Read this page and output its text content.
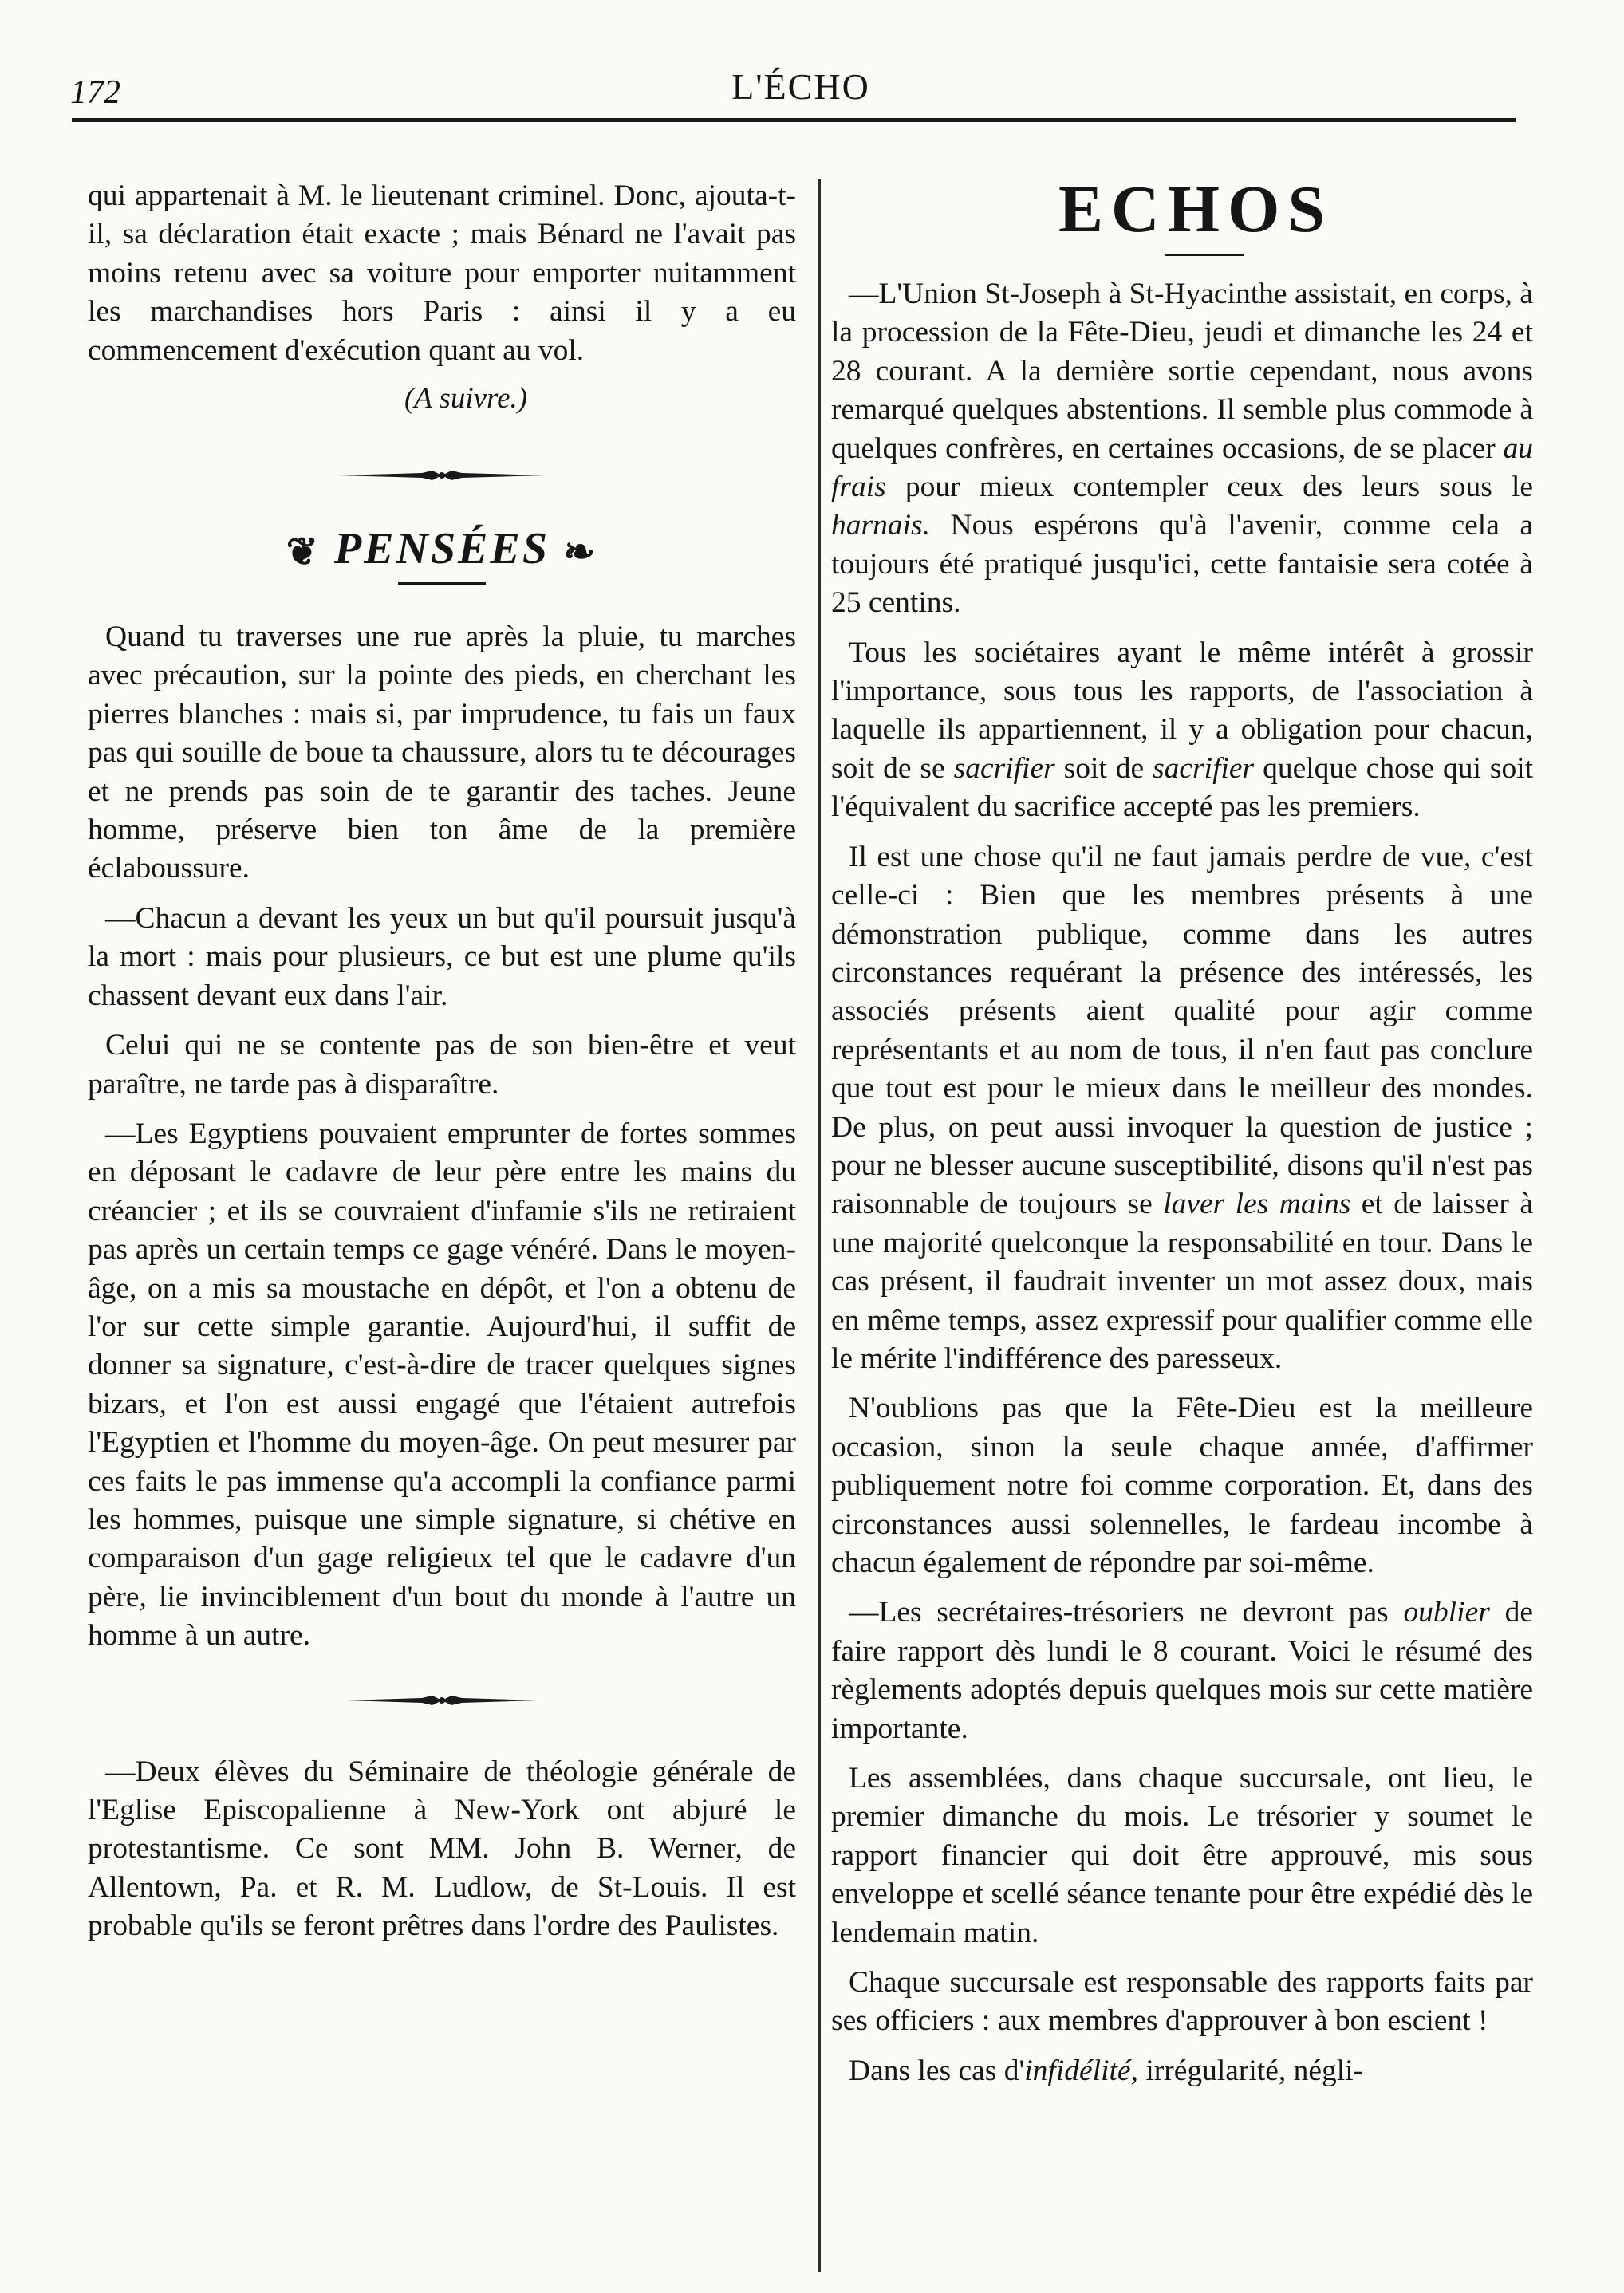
172	L'ÉCHO

qui appartenait à M. le lieutenant criminel. Donc, ajouta-t-il, sa déclaration était exacte ; mais Bénard ne l'avait pas moins retenu avec sa voiture pour emporter nuitamment les marchandises hors Paris : ainsi il y a eu commencement d'exécution quant au vol.

(A suivre.)
❦ PENSÉES ❧

Quand tu traverses une rue après la pluie, tu marches avec précaution, sur la pointe des pieds, en cherchant les pierres blanches : mais si, par imprudence, tu fais un faux pas qui souille de boue ta chaussure, alors tu te décourages et ne prends pas soin de te garantir des taches. Jeune homme, préserve bien ton âme de la première éclaboussure.

—Chacun a devant les yeux un but qu'il poursuit jusqu'à la mort : mais pour plusieurs, ce but est une plume qu'ils chassent devant eux dans l'air.

Celui qui ne se contente pas de son bien-être et veut paraître, ne tarde pas à disparaître.

—Les Egyptiens pouvaient emprunter de fortes sommes en déposant le cadavre de leur père entre les mains du créancier ; et ils se couvraient d'infamie s'ils ne retiraient pas après un certain temps ce gage vénéré. Dans le moyen-âge, on a mis sa moustache en dépôt, et l'on a obtenu de l'or sur cette simple garantie. Aujourd'hui, il suffit de donner sa signature, c'est-à-dire de tracer quelques signes bizars, et l'on est aussi engagé que l'étaient autrefois l'Egyptien et l'homme du moyen-âge. On peut mesurer par ces faits le pas immense qu'a accompli la confiance parmi les hommes, puisque une simple signature, si chétive en comparaison d'un gage religieux tel que le cadavre d'un père, lie invinciblement d'un bout du monde à l'autre un homme à un autre.

—Deux élèves du Séminaire de théologie générale de l'Eglise Episcopalienne à New-York ont abjuré le protestantisme. Ce sont MM. John B. Werner, de Allentown, Pa. et R. M. Ludlow, de St-Louis. Il est probable qu'ils se feront prêtres dans l'ordre des Paulistes.

ECHOS

—L'Union St-Joseph à St-Hyacinthe assistait, en corps, à la procession de la Fête-Dieu, jeudi et dimanche les 24 et 28 courant. A la dernière sortie cependant, nous avons remarqué quelques abstentions. Il semble plus commode à quelques confrères, en certaines occasions, de se placer au frais pour mieux contempler ceux des leurs sous le harnais. Nous espérons qu'à l'avenir, comme cela a toujours été pratiqué jusqu'ici, cette fantaisie sera cotée à 25 centins.

Tous les sociétaires ayant le même intérêt à grossir l'importance, sous tous les rapports, de l'association à laquelle ils appartiennent, il y a obligation pour chacun, soit de se sacrifier soit de sacrifier quelque chose qui soit l'équivalent du sacrifice accepté pas les premiers.

Il est une chose qu'il ne faut jamais perdre de vue, c'est celle-ci : Bien que les membres présents à une démonstration publique, comme dans les autres circonstances requérant la présence des intéressés, les associés présents aient qualité pour agir comme représentants et au nom de tous, il n'en faut pas conclure que tout est pour le mieux dans le meilleur des mondes. De plus, on peut aussi invoquer la question de justice ; pour ne blesser aucune susceptibilité, disons qu'il n'est pas raisonnable de toujours se laver les mains et de laisser à une majorité quelconque la responsabilité en tour. Dans le cas présent, il faudrait inventer un mot assez doux, mais en même temps, assez expressif pour qualifier comme elle le mérite l'indifférence des paresseux.

N'oublions pas que la Fête-Dieu est la meilleure occasion, sinon la seule chaque année, d'affirmer publiquement notre foi comme corporation. Et, dans des circonstances aussi solennelles, le fardeau incombe à chacun également de répondre par soi-même.

—Les secrétaires-trésoriers ne devront pas oublier de faire rapport dès lundi le 8 courant. Voici le résumé des règlements adoptés depuis quelques mois sur cette matière importante.

Les assemblées, dans chaque succursale, ont lieu, le premier dimanche du mois. Le trésorier y soumet le rapport financier qui doit être approuvé, mis sous enveloppe et scellé séance tenante pour être expédié dès le lendemain matin.

Chaque succursale est responsable des rapports faits par ses officiers : aux membres d'approuver à bon escient !

Dans les cas d'infidélité, irrégularité, négli-
